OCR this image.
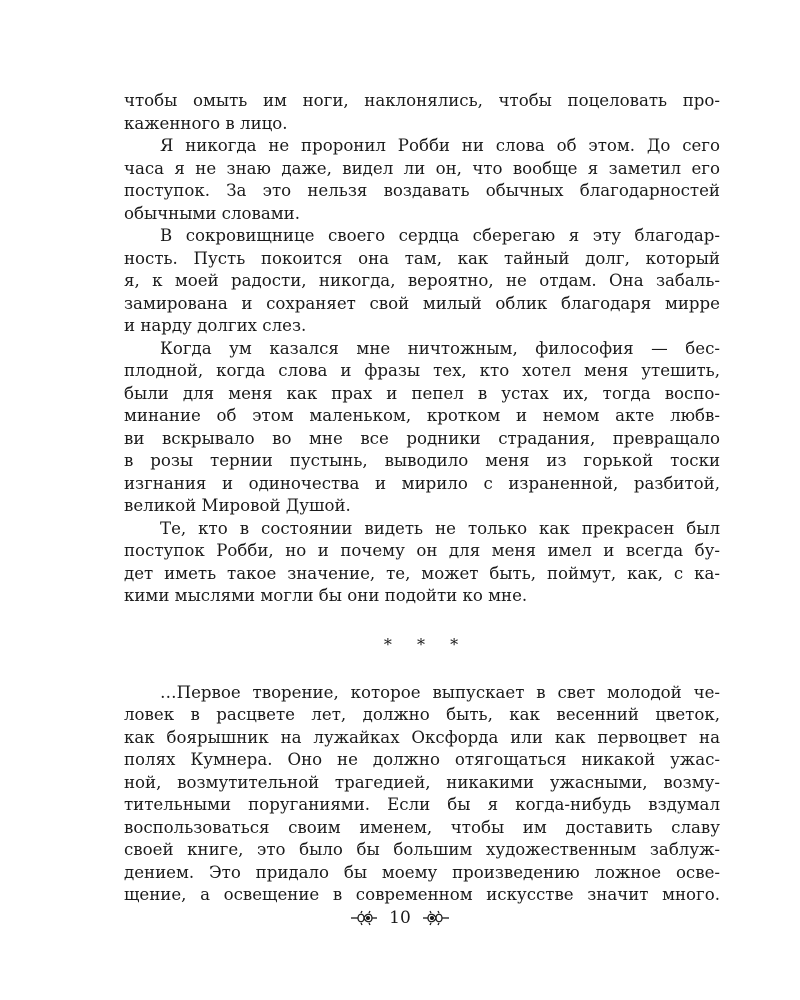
чтобы омыть им ноги, наклонялись, чтобы поцеловать про-
каженного в лицо.
Я никогда не проронил Робби ни слова об этом. До сего
часа я не знаю даже, видел ли он, что вообще я заметил его
поступок. За это нельзя воздавать обычных благодарностей
обычными словами.
В сокровищнице своего сердца сберегаю я эту благодар-
ность. Пусть покоится она там, как тайный долг, который
я, к моей радости, никогда, вероятно, не отдам. Она забаль-
замирована и сохраняет свой милый облик благодаря мирре
и нарду долгих слез.
Когда ум казался мне ничтожным, философия — бес-
плодной, когда слова и фразы тех, кто хотел меня утешить,
были для меня как прах и пепел в устах их, тогда воспо-
минание об этом маленьком, кротком и немом акте любв-
ви вскрывало во мне все родники страдания, превращало
в розы тернии пустынь, выводило меня из горькой тоски
изгнания и одиночества и мирило с израненной, разбитой,
великой Мировой Душой.
Те, кто в состоянии видеть не только как прекрасен был
поступок Робби, но и почему он для меня имел и всегда бу-
дет иметь такое значение, те, может быть, поймут, как, с ка-
кими мыслями могли бы они подойти ко мне.
* * *
…Первое творение, которое выпускает в свет молодой че-
ловек в расцвете лет, должно быть, как весенний цветок,
как боярышник на лужайках Оксфорда или как первоцвет на
полях Кумнера. Оно не должно отягощаться никакой ужас-
ной, возмутительной трагедией, никакими ужасными, возму-
тительными поруганиями. Если бы я когда-нибудь вздумал
воспользоваться своим именем, чтобы им доставить славу
своей книге, это было бы большим художественным заблуж-
дением. Это придало бы моему произведению ложное осве-
щение, а освещение в современном искусстве значит много.
10
